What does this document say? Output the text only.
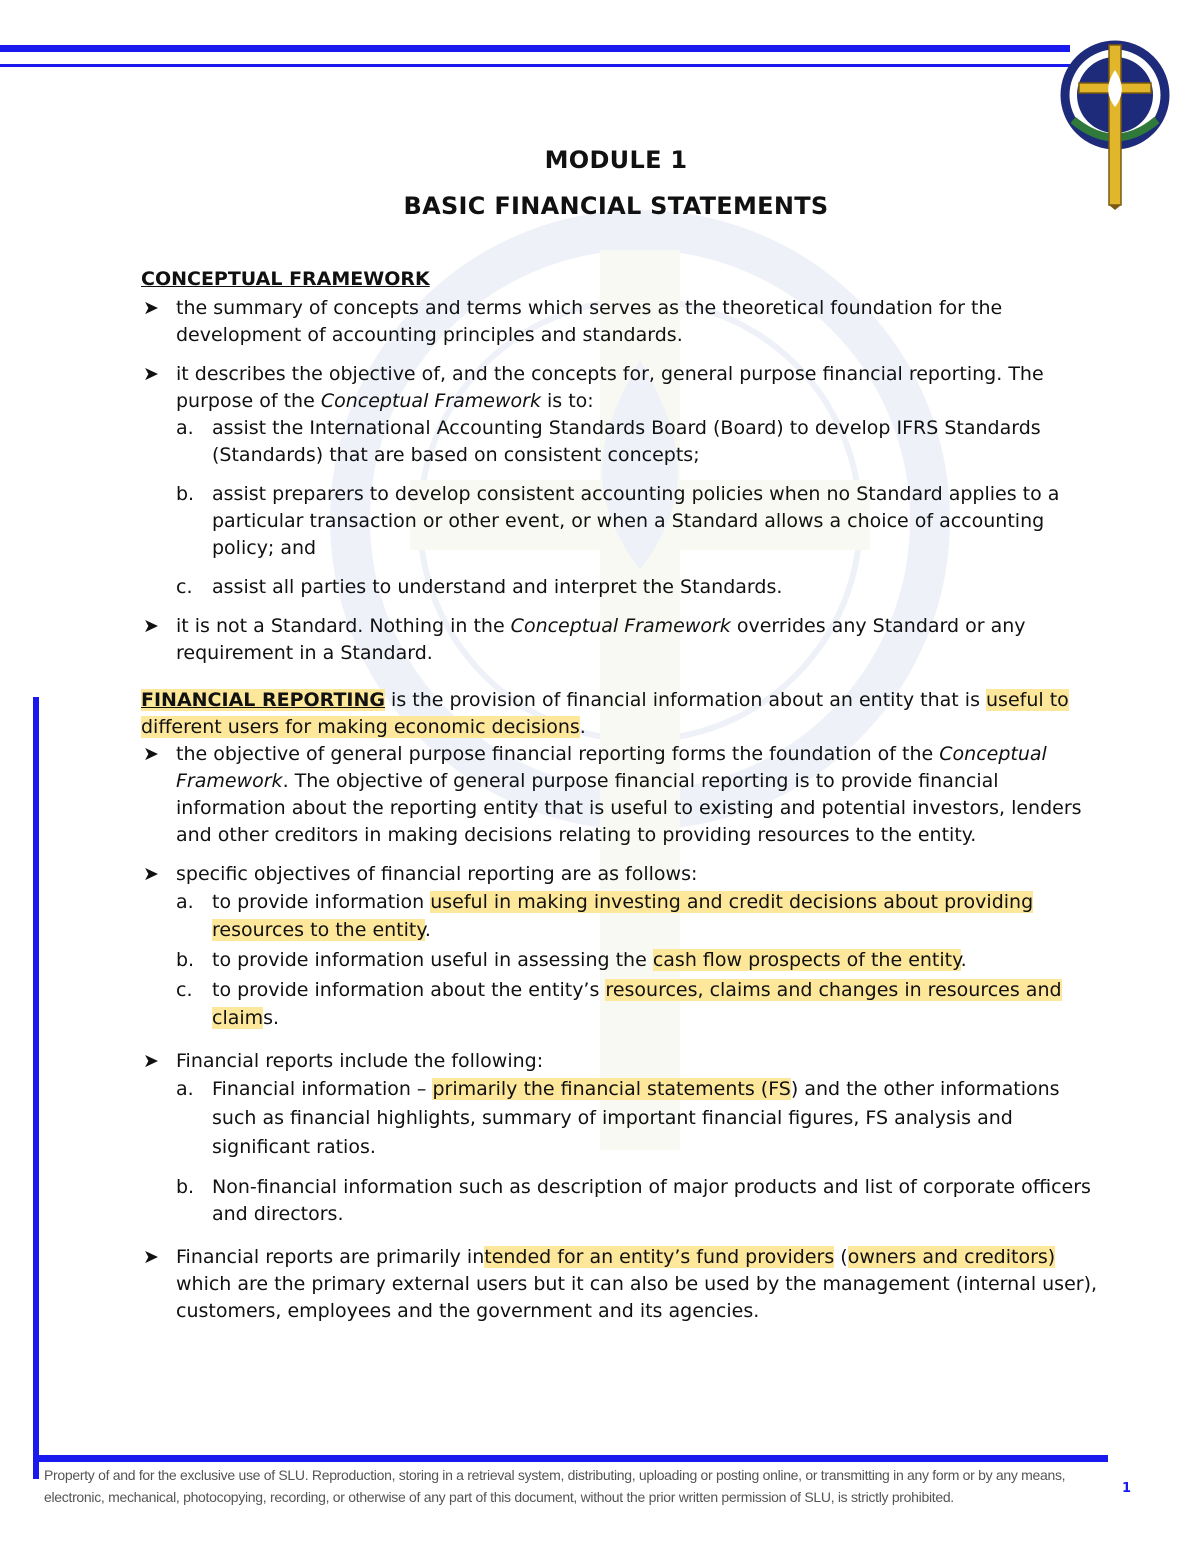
MODULE 1
BASIC FINANCIAL STATEMENTS
CONCEPTUAL FRAMEWORK
➤ the summary of concepts and terms which serves as the theoretical foundation for the development of accounting principles and standards.
➤ it describes the objective of, and the concepts for, general purpose financial reporting. The purpose of the Conceptual Framework is to:
a. assist the International Accounting Standards Board (Board) to develop IFRS Standards (Standards) that are based on consistent concepts;
b. assist preparers to develop consistent accounting policies when no Standard applies to a particular transaction or other event, or when a Standard allows a choice of accounting policy; and
c. assist all parties to understand and interpret the Standards.
➤ it is not a Standard. Nothing in the Conceptual Framework overrides any Standard or any requirement in a Standard.
FINANCIAL REPORTING is the provision of financial information about an entity that is useful to different users for making economic decisions.
➤ the objective of general purpose financial reporting forms the foundation of the Conceptual Framework. The objective of general purpose financial reporting is to provide financial information about the reporting entity that is useful to existing and potential investors, lenders and other creditors in making decisions relating to providing resources to the entity.
➤ specific objectives of financial reporting are as follows:
a. to provide information useful in making investing and credit decisions about providing resources to the entity.
b. to provide information useful in assessing the cash flow prospects of the entity.
c. to provide information about the entity’s resources, claims and changes in resources and claims.
➤ Financial reports include the following:
a. Financial information – primarily the financial statements (FS) and the other informations such as financial highlights, summary of important financial figures, FS analysis and significant ratios.
b. Non-financial information such as description of major products and list of corporate officers and directors.
➤ Financial reports are primarily intended for an entity’s fund providers (owners and creditors) which are the primary external users but it can also be used by the management (internal user), customers, employees and the government and its agencies.
Property of and for the exclusive use of SLU. Reproduction, storing in a retrieval system, distributing, uploading or posting online, or transmitting in any form or by any means, electronic, mechanical, photocopying, recording, or otherwise of any part of this document, without the prior written permission of SLU, is strictly prohibited.
1
